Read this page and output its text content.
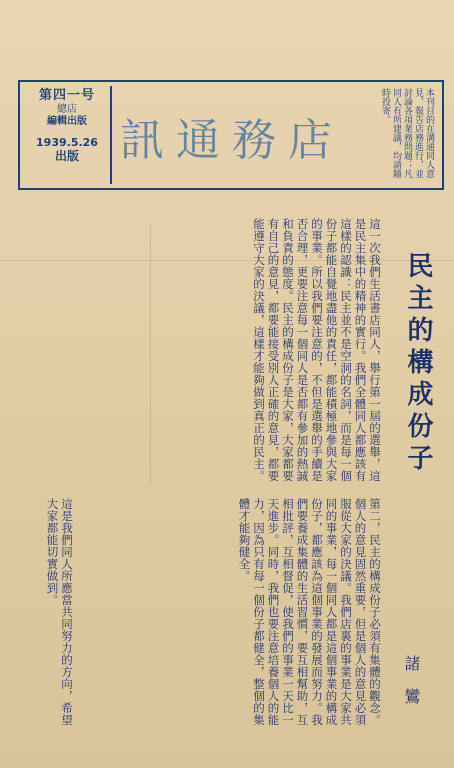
第四一号
總店
編輯出版
1939.5.26
出版 店務通訊	本刊目的在溝通同人意見，報告店務進行，並討論各項業務問題；凡同人有所建議，均請隨時投寄。
民主的構成份子
這一次我們生活書店同人，舉行第一屆的選舉，這是民主集中的精神的實行。我們全體同人都應該有這樣的認識：民主並不是空洞的名詞，而是每一個份子都能自覺地盡他的責任，都能積極地參與大家的事業。所以我們要注意的，不但是選舉的手續是否合理，更要注意每一個同人是否都有參加的熱誠和負責的態度。民主的構成份子是大家，大家都要有自己的意見，都要能接受別人正確的意見，都要能遵守大家的決議，這樣才能夠做到真正的民主。
第二，民主的構成份子必須有集體的觀念。個人的意見固然重要，但是個人的意見必須服從大家的決議。我們店裏的事業是大家共同的事業，每一個同人都是這個事業的構成份子，都應該為這個事業的發展而努力。我們要養成集體的生活習慣，要互相幫助，互相批評，互相督促，使我們的事業一天比一天進步。同時，我們也要注意培養個人的能力，因為只有每一個份子都健全，整個的集體才能夠健全。
這是我們同人所應當共同努力的方向，希望大家都能切實做到。
諸 鸞
